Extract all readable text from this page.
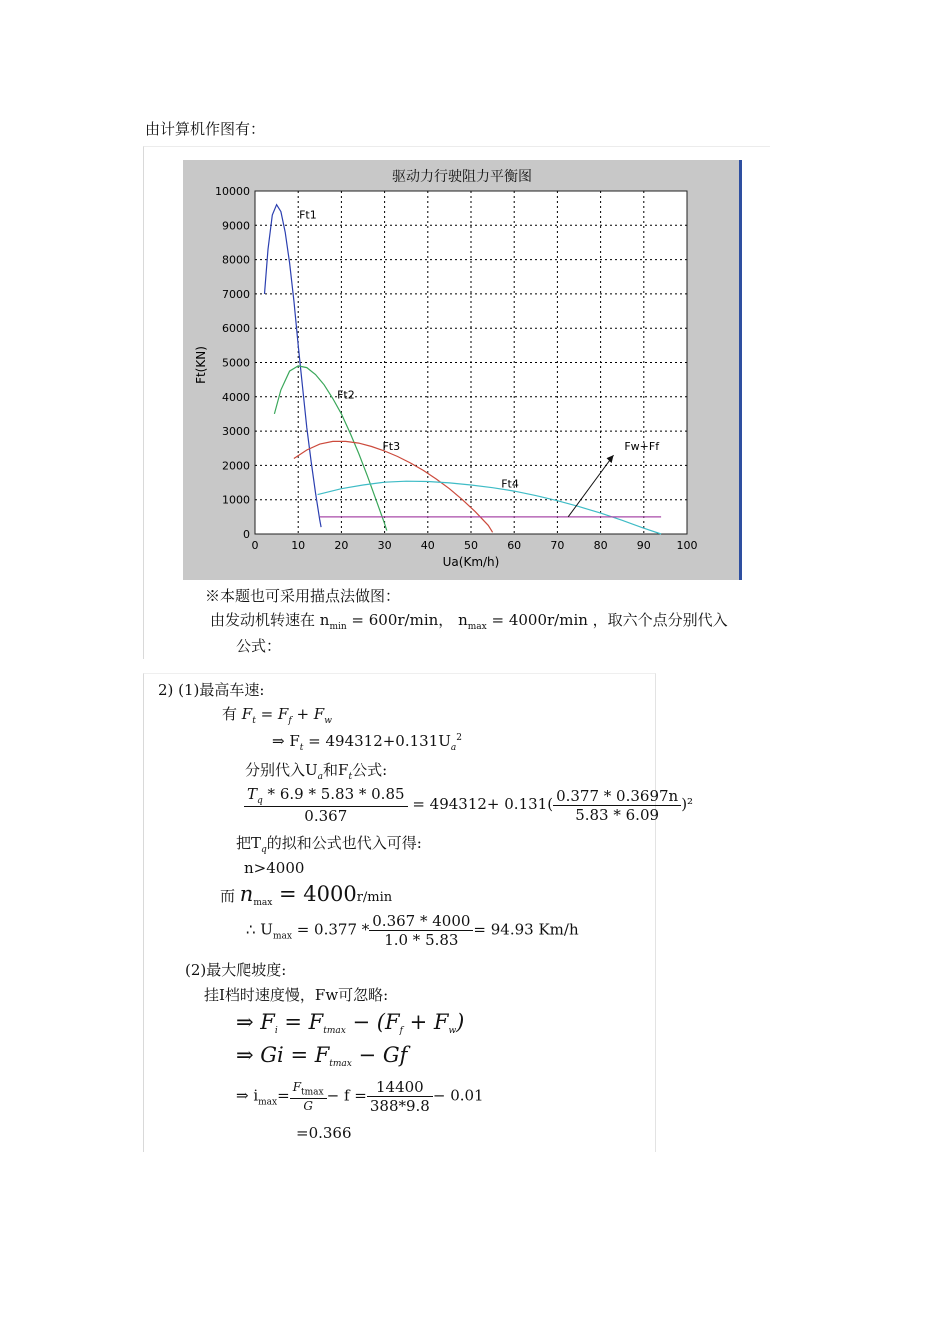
由计算机作图有：
驱动力行驶阻力平衡图
0	10	20	30	40	50	60	70	80	90 100
0
1000
2000
3000
4000
5000
6000
7000
8000
9000
10000
Ft1
Ft2
Ft3
Ft4
Fw+Ff
Ft(KN)
Ua(Km/h)
※本题也可采用描点法做图：
由发动机转速在 $n_{min} = 600r/\min$， $n_{max} = 4000r/\min$ ，取六个点分别代入
公式：
2) (1)最高车速:
有 $F_t = F_f + F_w$
⇒ $F_t = 494312+0.131U_a^2$
分别代入$U_a$和$F_t$公式:
$\frac{T_q * 6.9 * 5.83 * 0.85}{0.367} = 494312+ 0.131( \frac{0.377 * 0.3697n}{5.83 * 6.09} )^2$
把$T_q$的拟和公式也代入可得:
n>4000
而 $n_{max} = 4000r/\min$
∴ $U_{max} = 0.377 * \frac{0.367 * 4000}{1.0 * 5.83} = 94.93$ Km/h
(2)最大爬坡度:
挂Ⅰ档时速度慢，Fw可忽略:
⇒ $F_i = F_{tmax} - (F_f + F_w)$
⇒ $Gi = F_{tmax} - Gf$
⇒ $i_{max}= \frac{F_{tmax}}{G} - f = \frac{14400}{388*9.8} - 0.01$
=0.366
